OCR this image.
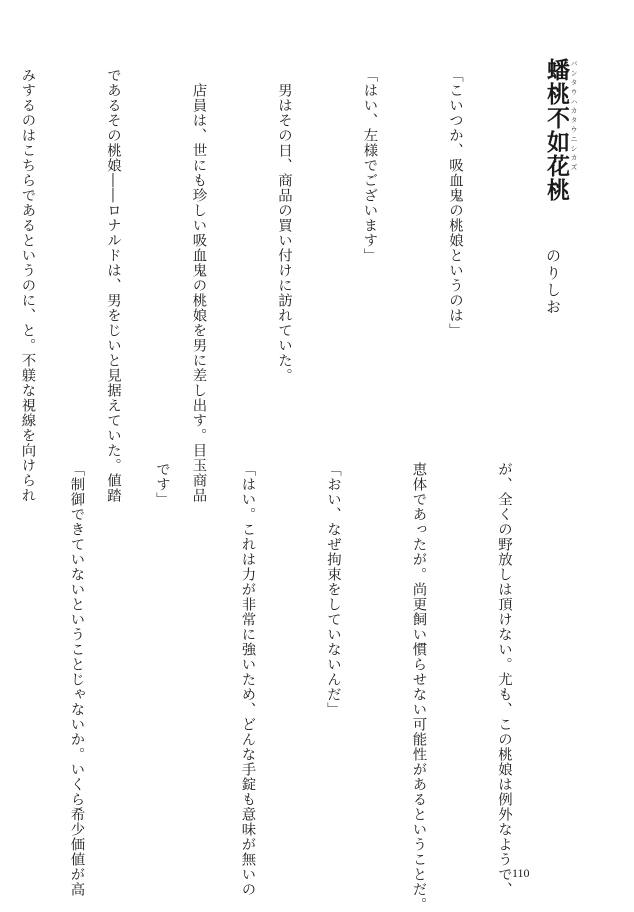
蟠桃不如花桃 バンタウハカタウニシカズ
のりしお

「こいつか、吸血鬼の桃娘というのは」

「はい、左様でございます」

　男はその日、商品の買い付けに訪れていた。

　店員は、世にも珍しい吸血鬼の桃娘を男に差し出す。目玉商品

であるその桃娘――ロナルドは、男をじいと見据えていた。値踏

みするのはこちらであるというのに、と。不躾な視線を向けられ

が、全くの野放しは頂けない。尤も、この桃娘は例外なようで、

恵体であったが。尚更飼い慣らせない可能性があるということだ。

「おい、なぜ拘束をしていないんだ」

「はい。これは力が非常に強いため、どんな手錠も意味が無いの

です」

「制御できていないということじゃないか。いくら希少価値が高

	110
